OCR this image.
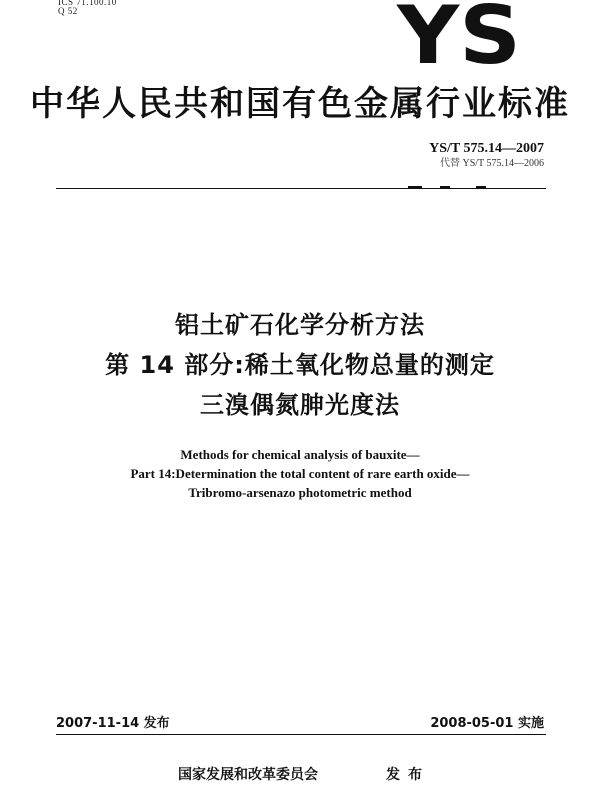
ICS 71.100.10
Q 52	YS
中华人民共和国有色金属行业标准
YS/T 575.14—2007
代替 YS/T 575.14—2006
铝土矿石化学分析方法
第 14 部分:稀土氧化物总量的测定
三溴偶氮胂光度法
Methods for chemical analysis of bauxite—
Part 14:Determination the total content of rare earth oxide—
Tribromo-arsenazo photometric method
2007-11-14 发布	2008-05-01 实施
国家发展和改革委员会	发布
